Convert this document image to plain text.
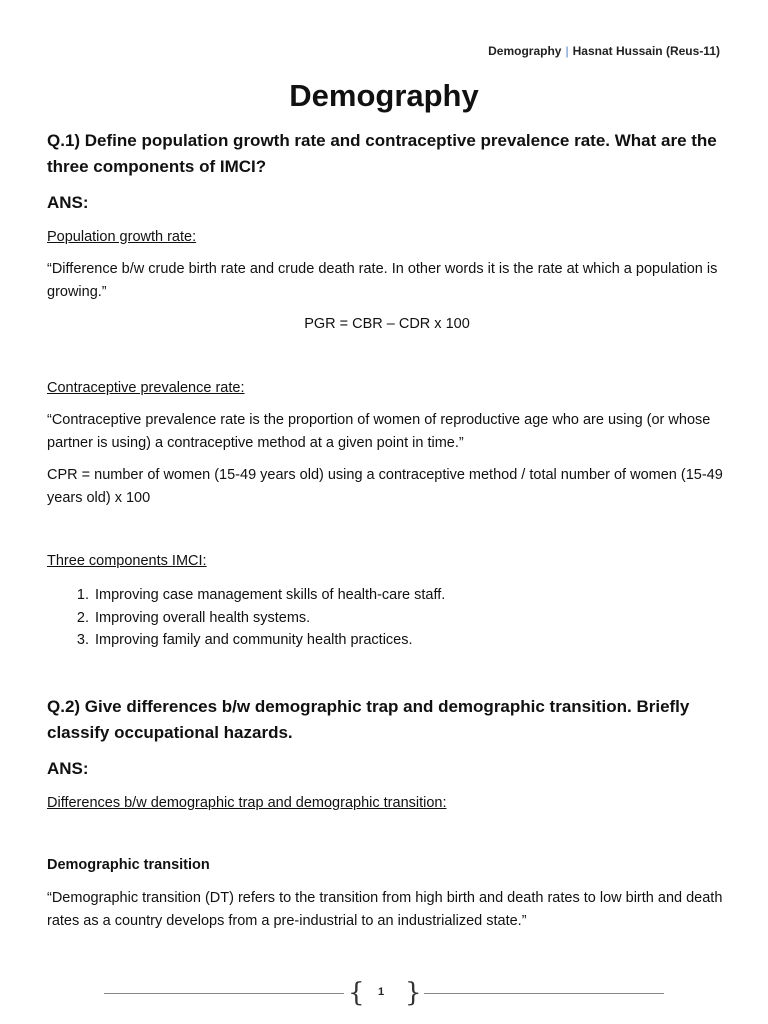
Demography | Hasnat Hussain (Reus-11)
Demography

Q.1) Define population growth rate and contraceptive prevalence rate. What are the three components of IMCI?

ANS:

Population growth rate:

“Difference b/w crude birth rate and crude death rate. In other words it is the rate at which a population is growing.”

PGR = CBR – CDR x 100

Contraceptive prevalence rate:

“Contraceptive prevalence rate is the proportion of women of reproductive age who are using (or whose partner is using) a contraceptive method at a given point in time.”

CPR = number of women (15-49 years old) using a contraceptive method / total number of women (15-49 years old) x 100

Three components IMCI:

1. Improving case management skills of health-care staff.
2. Improving overall health systems.
3. Improving family and community health practices.

Q.2) Give differences b/w demographic trap and demographic transition. Briefly classify occupational hazards.

ANS:

Differences b/w demographic trap and demographic transition:

Demographic transition

“Demographic transition (DT) refers to the transition from high birth and death rates to low birth and death rates as a country develops from a pre-industrial to an industrialized state.”

{ 1 }
